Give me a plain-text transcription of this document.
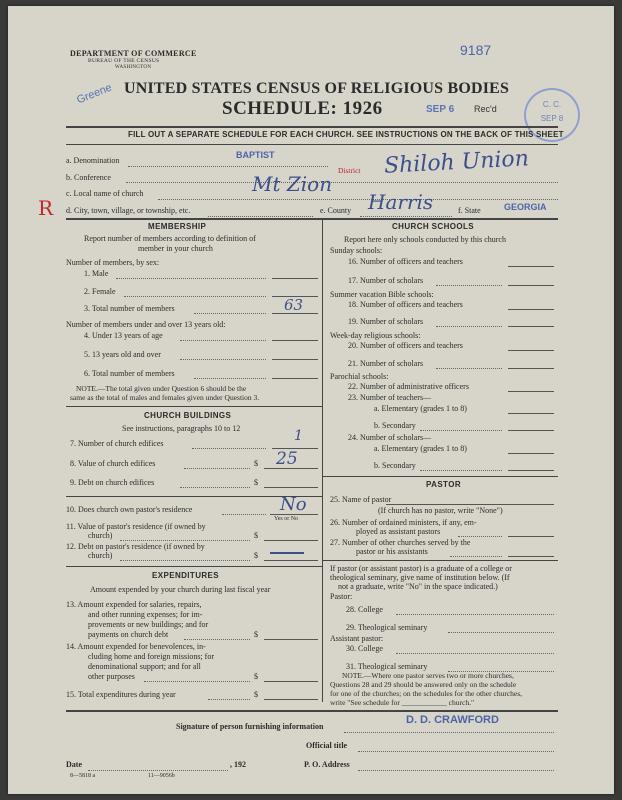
DEPARTMENT OF COMMERCE
BUREAU OF THE CENSUS
WASHINGTON
9187
UNITED STATES CENSUS OF RELIGIOUS BODIES
SCHEDULE: 1926
Greene
SEP 6 Rec'd	C. C.
SEP 8
FILL OUT A SEPARATE SCHEDULE FOR EACH CHURCH. SEE INSTRUCTIONS ON THE BACK OF THIS SHEET
R
a. Denomination
BAPTIST
District Shiloh Union
b. Conference
c. Local name of church	Mt Zion
d. City, town, village, or township, etc.	e. County Harris	f. State	GEORGIA
MEMBERSHIP
Report number of members according to definition of
member in your church
Number of members, by sex:
1. Male
2. Female
3. Total number of members	63
Number of members under and over 13 years old:
4. Under 13 years of age
5. 13 years old and over
6. Total number of members
NOTE.—The total given under Question 6 should be the
same as the total of males and females given under Question 3.
CHURCH BUILDINGS
See instructions, paragraphs 10 to 12
7. Number of church edifices	1
8. Value of church edifices	$ 25
9. Debt on church edifices	$
10. Does church own pastor's residence	No
Yes or No
11. Value of pastor's residence (if owned by
church)	$
12. Debt on pastor's residence (if owned by
church)	$
EXPENDITURES
Amount expended by your church during last fiscal year
13. Amount expended for salaries, repairs,
and other running expenses; for im-
provements or new buildings; and for
payments on church debt	$
14. Amount expended for benevolences, in-
cluding home and foreign missions; for
denominational support; and for all
other purposes	$
15. Total expenditures during year	$
CHURCH SCHOOLS
Report here only schools conducted by this church
Sunday schools:
16. Number of officers and teachers
17. Number of scholars
Summer vacation Bible schools:
18. Number of officers and teachers
19. Number of scholars
Week-day religious schools:
20. Number of officers and teachers
21. Number of scholars
Parochial schools:
22. Number of administrative officers
23. Number of teachers—
a. Elementary (grades 1 to 8)
b. Secondary
24. Number of scholars—
a. Elementary (grades 1 to 8)
b. Secondary
PASTOR
25. Name of pastor
(If church has no pastor, write "None")
26. Number of ordained ministers, if any, em-
ployed as assistant pastors
27. Number of other churches served by the
pastor or his assistants
If pastor (or assistant pastor) is a graduate of a college or
theological seminary, give name of institution below. (If
not a graduate, write "No" in the space indicated.)
Pastor:
28. College
29. Theological seminary
Assistant pastor:
30. College
31. Theological seminary
NOTE.—Where one pastor serves two or more churches,
Questions 28 and 29 should be answered only on the schedule
for one of the churches; on the schedules for the other churches,
write "See schedule for ____________ church."
Signature of person furnishing information
D. D. CRAWFORD
Official title
Date	, 192	P. O. Address
8—5818 a	11—9056b
